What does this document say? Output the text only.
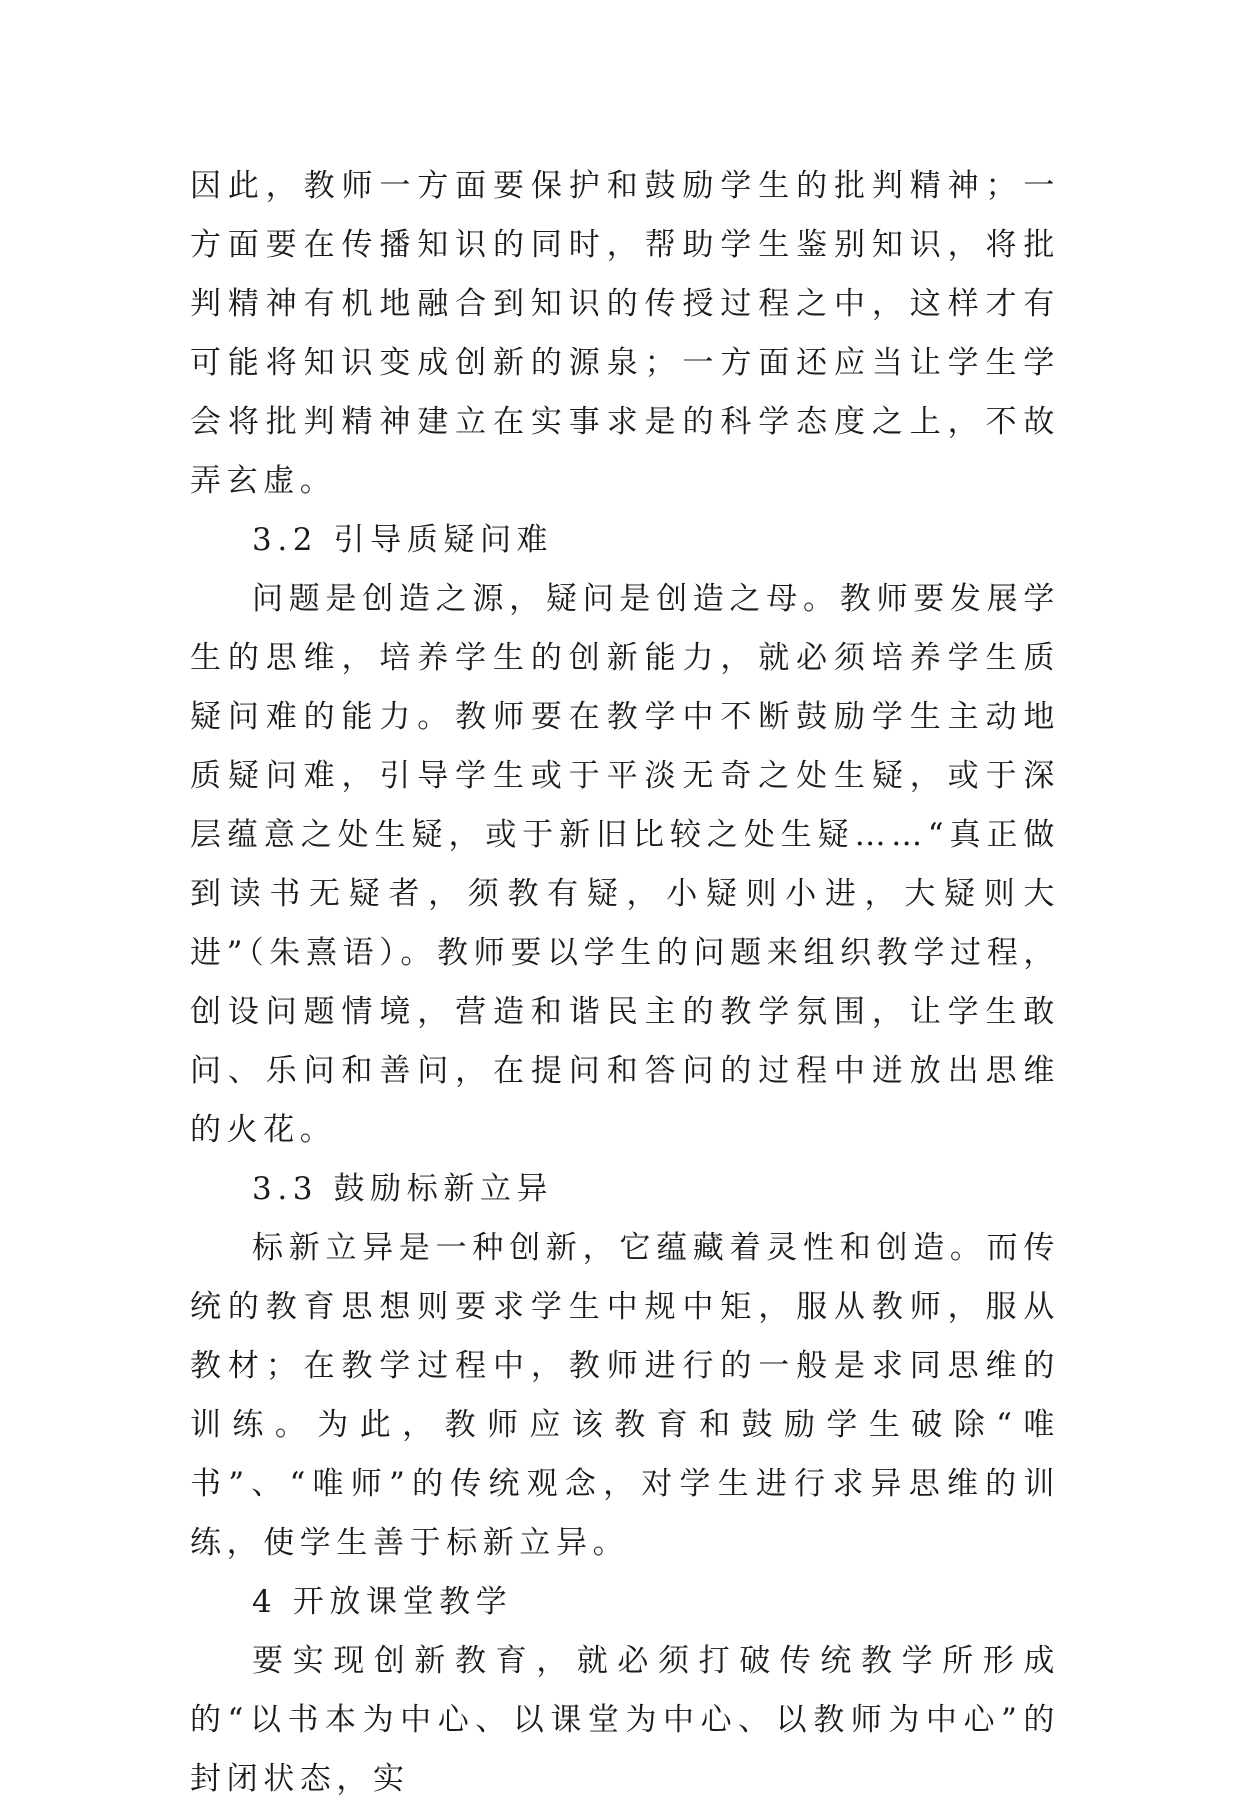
因此，教师一方面要保护和鼓励学生的批判精神；一方面要在传播知识的同时，帮助学生鉴别知识，将批判精神有机地融合到知识的传授过程之中，这样才有可能将知识变成创新的源泉；一方面还应当让学生学会将批判精神建立在实事求是的科学态度之上，不故弄玄虚。

3.2 引导质疑问难

问题是创造之源，疑问是创造之母。教师要发展学生的思维，培养学生的创新能力，就必须培养学生质疑问难的能力。教师要在教学中不断鼓励学生主动地质疑问难，引导学生或于平淡无奇之处生疑，或于深层蕴意之处生疑，或于新旧比较之处生疑……“真正做到读书无疑者，须教有疑，小疑则小进，大疑则大进”（朱熹语）。教师要以学生的问题来组织教学过程，创设问题情境，营造和谐民主的教学氛围，让学生敢问、乐问和善问，在提问和答问的过程中迸放出思维的火花。

3.3 鼓励标新立异

标新立异是一种创新，它蕴藏着灵性和创造。而传统的教育思想则要求学生中规中矩，服从教师，服从教材；在教学过程中，教师进行的一般是求同思维的训练。为此，教师应该教育和鼓励学生破除“唯书”、“唯师”的传统观念，对学生进行求异思维的训练，使学生善于标新立异。

4 开放课堂教学

要实现创新教育，就必须打破传统教学所形成的“以书本为中心、以课堂为中心、以教师为中心”的封闭状态，实
